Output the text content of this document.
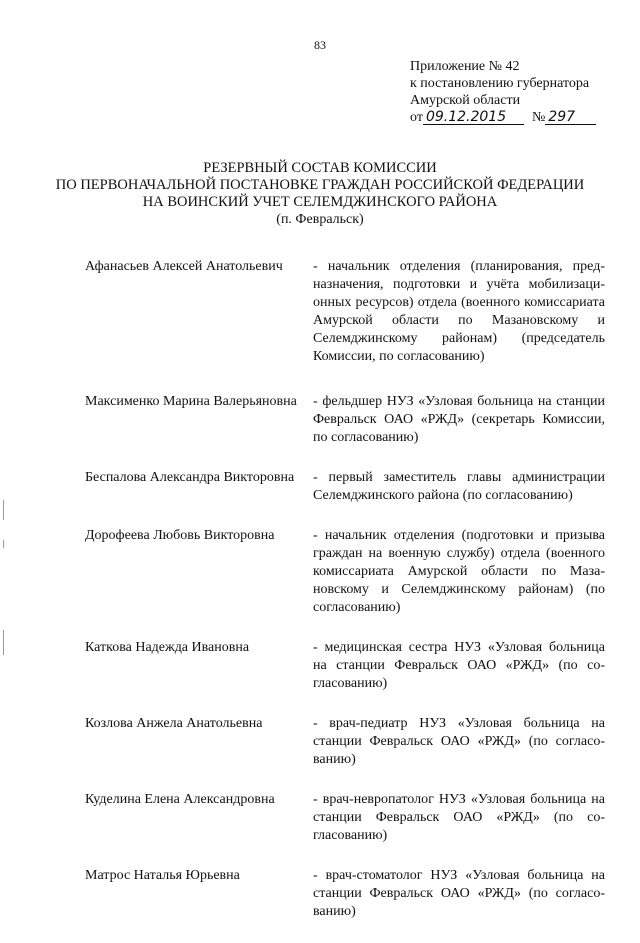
83
Приложение № 42
к постановлению губернатора
Амурской области
от 09.12.2015 № 297
РЕЗЕРВНЫЙ СОСТАВ КОМИССИИ
ПО ПЕРВОНАЧАЛЬНОЙ ПОСТАНОВКЕ ГРАЖДАН РОССИЙСКОЙ ФЕДЕРАЦИИ
НА ВОИНСКИЙ УЧЕТ СЕЛЕМДЖИНСКОГО РАЙОНА
(п. Февральск)
Афанасьев Алексей Анатольевич	- начальник отделения (планирования, предназначения, подготовки и учёта мобилизационных ресурсов) отдела (военного комиссариата Амурской области по Мазановскому и Селемджинскому районам) (председатель Комиссии, по согласованию)
Максименко Марина Валерьяновна	- фельдшер НУЗ «Узловая больница на станции Февральск ОАО «РЖД» (секретарь Комиссии, по согласованию)
Беспалова Александра Викторовна	- первый заместитель главы администрации Селемджинского района (по согласованию)
Дорофеева Любовь Викторовна	- начальник отделения (подготовки и призыва граждан на военную службу) отдела (военного комиссариата Амурской области по Мазановскому и Селемджинскому районам) (по согласованию)
Каткова Надежда Ивановна	- медицинская сестра НУЗ «Узловая больница на станции Февральск ОАО «РЖД» (по согласованию)
Козлова Анжела Анатольевна	- врач-педиатр НУЗ «Узловая больница на станции Февральск ОАО «РЖД» (по согласованию)
Куделина Елена Александровна	- врач-невропатолог НУЗ «Узловая больница на станции Февральск ОАО «РЖД» (по согласованию)
Матрос Наталья Юрьевна	- врач-стоматолог НУЗ «Узловая больница на станции Февральск ОАО «РЖД» (по согласованию)
